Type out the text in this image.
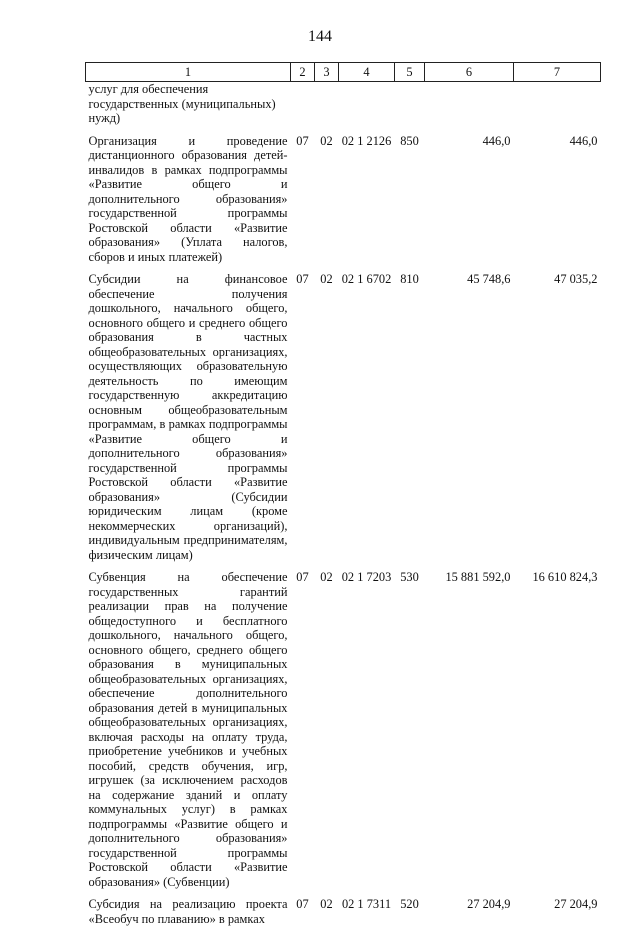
144
1	2	3	4	5	6	7
услуг для обеспечения государственных (муниципальных) нужд)						

Организация и проведение дистанционного образования детей-инвалидов в рамках подпрограммы «Развитие общего и дополнительного образования» государственной программы Ростовской области «Развитие образования» (Уплата налогов, сборов и иных платежей)	07	02	02 1 2126	850	446,0	446,0

Субсидии на финансовое обеспечение получения дошкольного, начального общего, основного общего и среднего общего образования в частных общеобразовательных организациях, осуществляющих образовательную деятельность по имеющим государственную аккредитацию основным общеобразовательным программам, в рамках подпрограммы «Развитие общего и дополнительного образования» государственной программы Ростовской области «Развитие образования» (Субсидии юридическим лицам (кроме некоммерческих организаций), индивидуальным предпринимателям, физическим лицам)	07	02	02 1 6702	810	45 748,6	47 035,2

Субвенция на обеспечение государственных гарантий реализации прав на получение общедоступного и бесплатного дошкольного, начального общего, основного общего, среднего общего образования в муниципальных общеобразовательных организациях, обеспечение дополнительного образования детей в муниципальных общеобразовательных организациях, включая расходы на оплату труда, приобретение учебников и учебных пособий, средств обучения, игр, игрушек (за исключением расходов на содержание зданий и оплату коммунальных услуг) в рамках подпрограммы «Развитие общего и дополнительного образования» государственной программы Ростовской области «Развитие образования» (Субвенции)	07	02	02 1 7203	530	15 881 592,0	16 610 824,3

Субсидия на реализацию проекта «Всеобуч по плаванию» в рамках	07	02	02 1 7311	520	27 204,9	27 204,9
